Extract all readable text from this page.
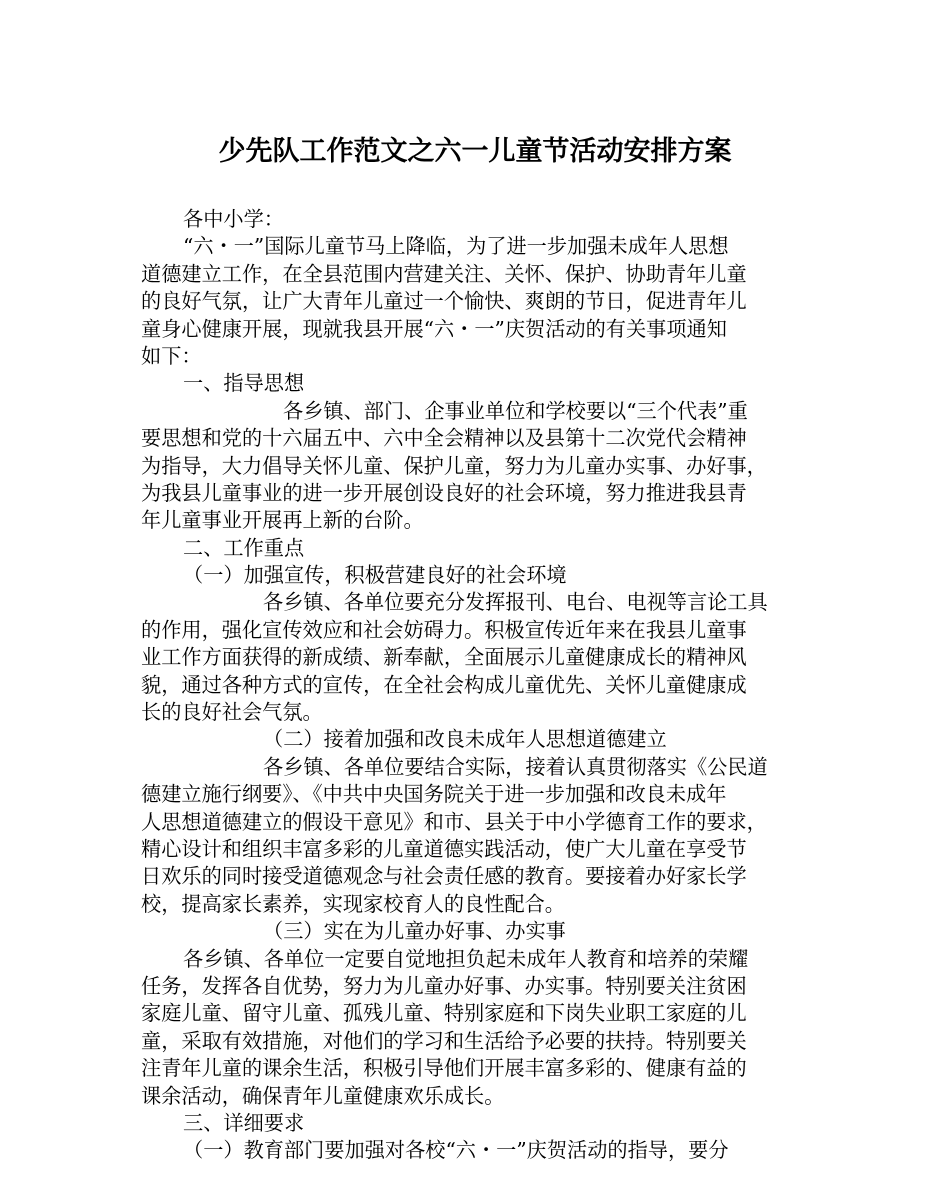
少先队工作范文之六一儿童节活动安排方案
各中小学：
“六・一”国际儿童节马上降临，为了进一步加强未成年人思想
道德建立工作，在全县范围内营建关注、关怀、保护、协助青年儿童
的良好气氛，让广大青年儿童过一个愉快、爽朗的节日，促进青年儿
童身心健康开展，现就我县开展“六・一”庆贺活动的有关事项通知
如下：
一、指导思想
各乡镇、部门、企事业单位和学校要以“三个代表”重
要思想和党的十六届五中、六中全会精神以及县第十二次党代会精神
为指导，大力倡导关怀儿童、保护儿童，努力为儿童办实事、办好事，
为我县儿童事业的进一步开展创设良好的社会环境，努力推进我县青
年儿童事业开展再上新的台阶。
二、工作重点
（一）加强宣传，积极营建良好的社会环境
各乡镇、各单位要充分发挥报刊、电台、电视等言论工具
的作用，强化宣传效应和社会妨碍力。积极宣传近年来在我县儿童事
业工作方面获得的新成绩、新奉献，全面展示儿童健康成长的精神风
貌，通过各种方式的宣传，在全社会构成儿童优先、关怀儿童健康成
长的良好社会气氛。
（二）接着加强和改良未成年人思想道德建立
各乡镇、各单位要结合实际，接着认真贯彻落实《公民道
德建立施行纲要》、《中共中央国务院关于进一步加强和改良未成年
人思想道德建立的假设干意见》和市、县关于中小学德育工作的要求，
精心设计和组织丰富多彩的儿童道德实践活动，使广大儿童在享受节
日欢乐的同时接受道德观念与社会责任感的教育。要接着办好家长学
校，提高家长素养，实现家校育人的良性配合。
（三）实在为儿童办好事、办实事
各乡镇、各单位一定要自觉地担负起未成年人教育和培养的荣耀
任务，发挥各自优势，努力为儿童办好事、办实事。特别要关注贫困
家庭儿童、留守儿童、孤残儿童、特别家庭和下岗失业职工家庭的儿
童，采取有效措施，对他们的学习和生活给予必要的扶持。特别要关
注青年儿童的课余生活，积极引导他们开展丰富多彩的、健康有益的
课余活动，确保青年儿童健康欢乐成长。
三、详细要求
（一）教育部门要加强对各校“六・一”庆贺活动的指导，要分
